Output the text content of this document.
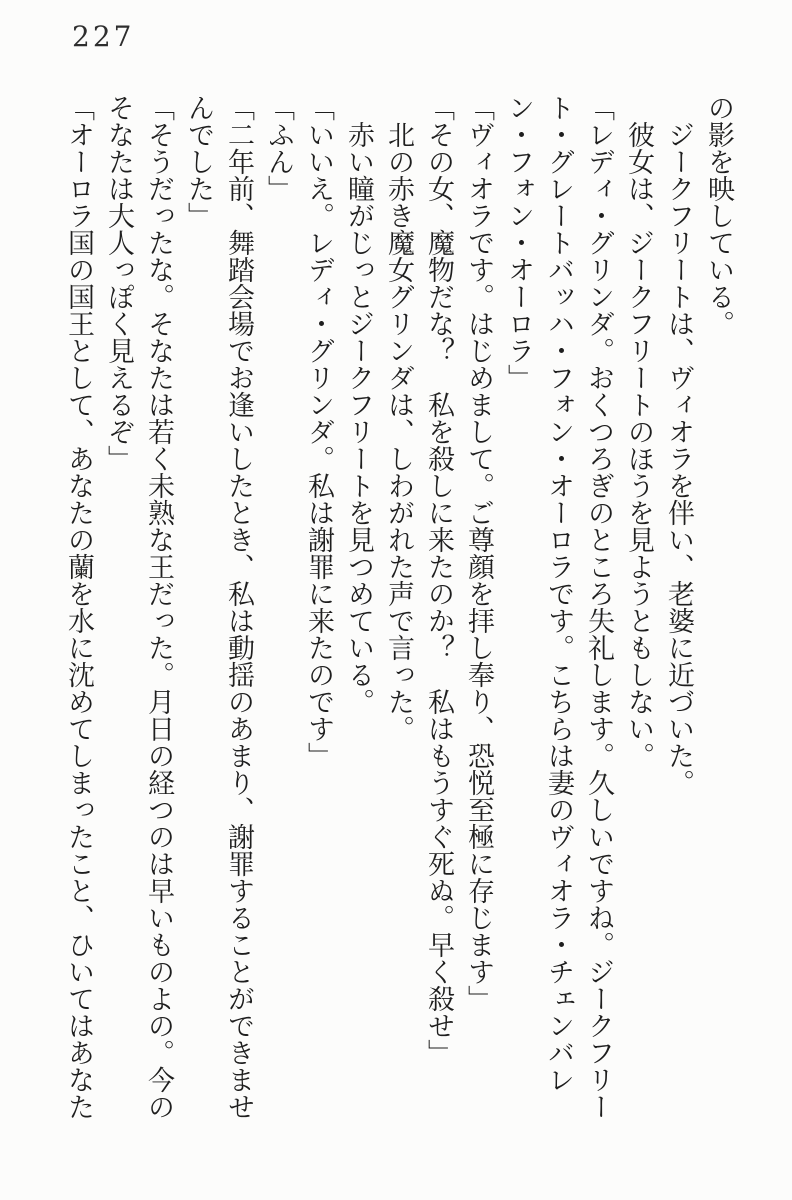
227
の影を映している。
　ジークフリートは、ヴィオラを伴い、老婆に近づいた。
　彼女は、ジークフリートのほうを見ようともしない。
「レディ・グリンダ。おくつろぎのところ失礼します。久しいですね。ジークフリー
ト・グレートバッハ・フォン・オーロラです。こちらは妻のヴィオラ・チェンバレ
ン・フォン・オーロラ」
「ヴィオラです。はじめまして。ご尊顔を拝し奉り、恐悦至極に存じます」
「その女、魔物だな？　私を殺しに来たのか？　私はもうすぐ死ぬ。早く殺せ」
　北の赤き魔女グリンダは、しわがれた声で言った。
　赤い瞳がじっとジークフリートを見つめている。
「いいえ。レディ・グリンダ。私は謝罪に来たのです」
「ふん」
「二年前、舞踏会場でお逢いしたとき、私は動揺のあまり、謝罪することができませ
んでした」
「そうだったな。そなたは若く未熟な王だった。月日の経つのは早いものよの。今の
そなたは大人っぽく見えるぞ」
「オーロラ国の国王として、あなたの蘭を水に沈めてしまったこと、ひいてはあなた
